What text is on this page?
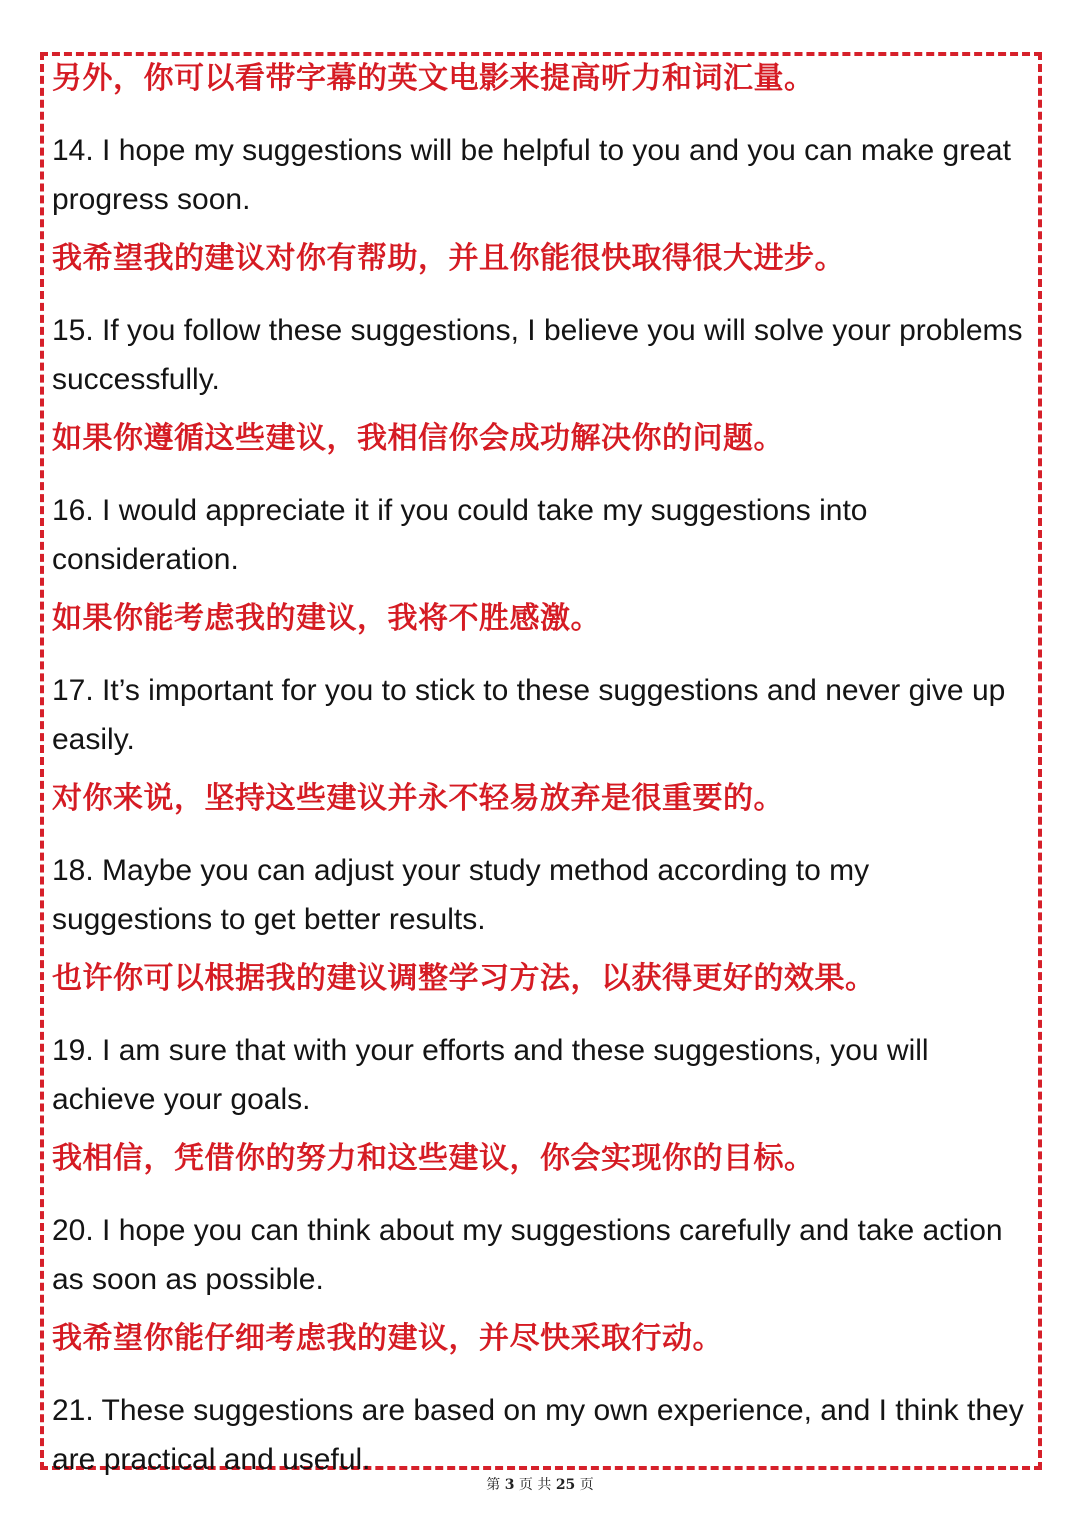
另外，你可以看带字幕的英文电影来提高听力和词汇量。
14. I hope my suggestions will be helpful to you and you can make great progress soon.
我希望我的建议对你有帮助，并且你能很快取得很大进步。
15. If you follow these suggestions, I believe you will solve your problems successfully.
如果你遵循这些建议，我相信你会成功解决你的问题。
16. I would appreciate it if you could take my suggestions into consideration.
如果你能考虑我的建议，我将不胜感激。
17. It’s important for you to stick to these suggestions and never give up easily.
对你来说，坚持这些建议并永不轻易放弃是很重要的。
18. Maybe you can adjust your study method according to my suggestions to get better results.
也许你可以根据我的建议调整学习方法，以获得更好的效果。
19. I am sure that with your efforts and these suggestions, you will achieve your goals.
我相信，凭借你的努力和这些建议，你会实现你的目标。
20. I hope you can think about my suggestions carefully and take action as soon as possible.
我希望你能仔细考虑我的建议，并尽快采取行动。
21. These suggestions are based on my own experience, and I think they are practical and useful.
第 3 页 共 25 页
